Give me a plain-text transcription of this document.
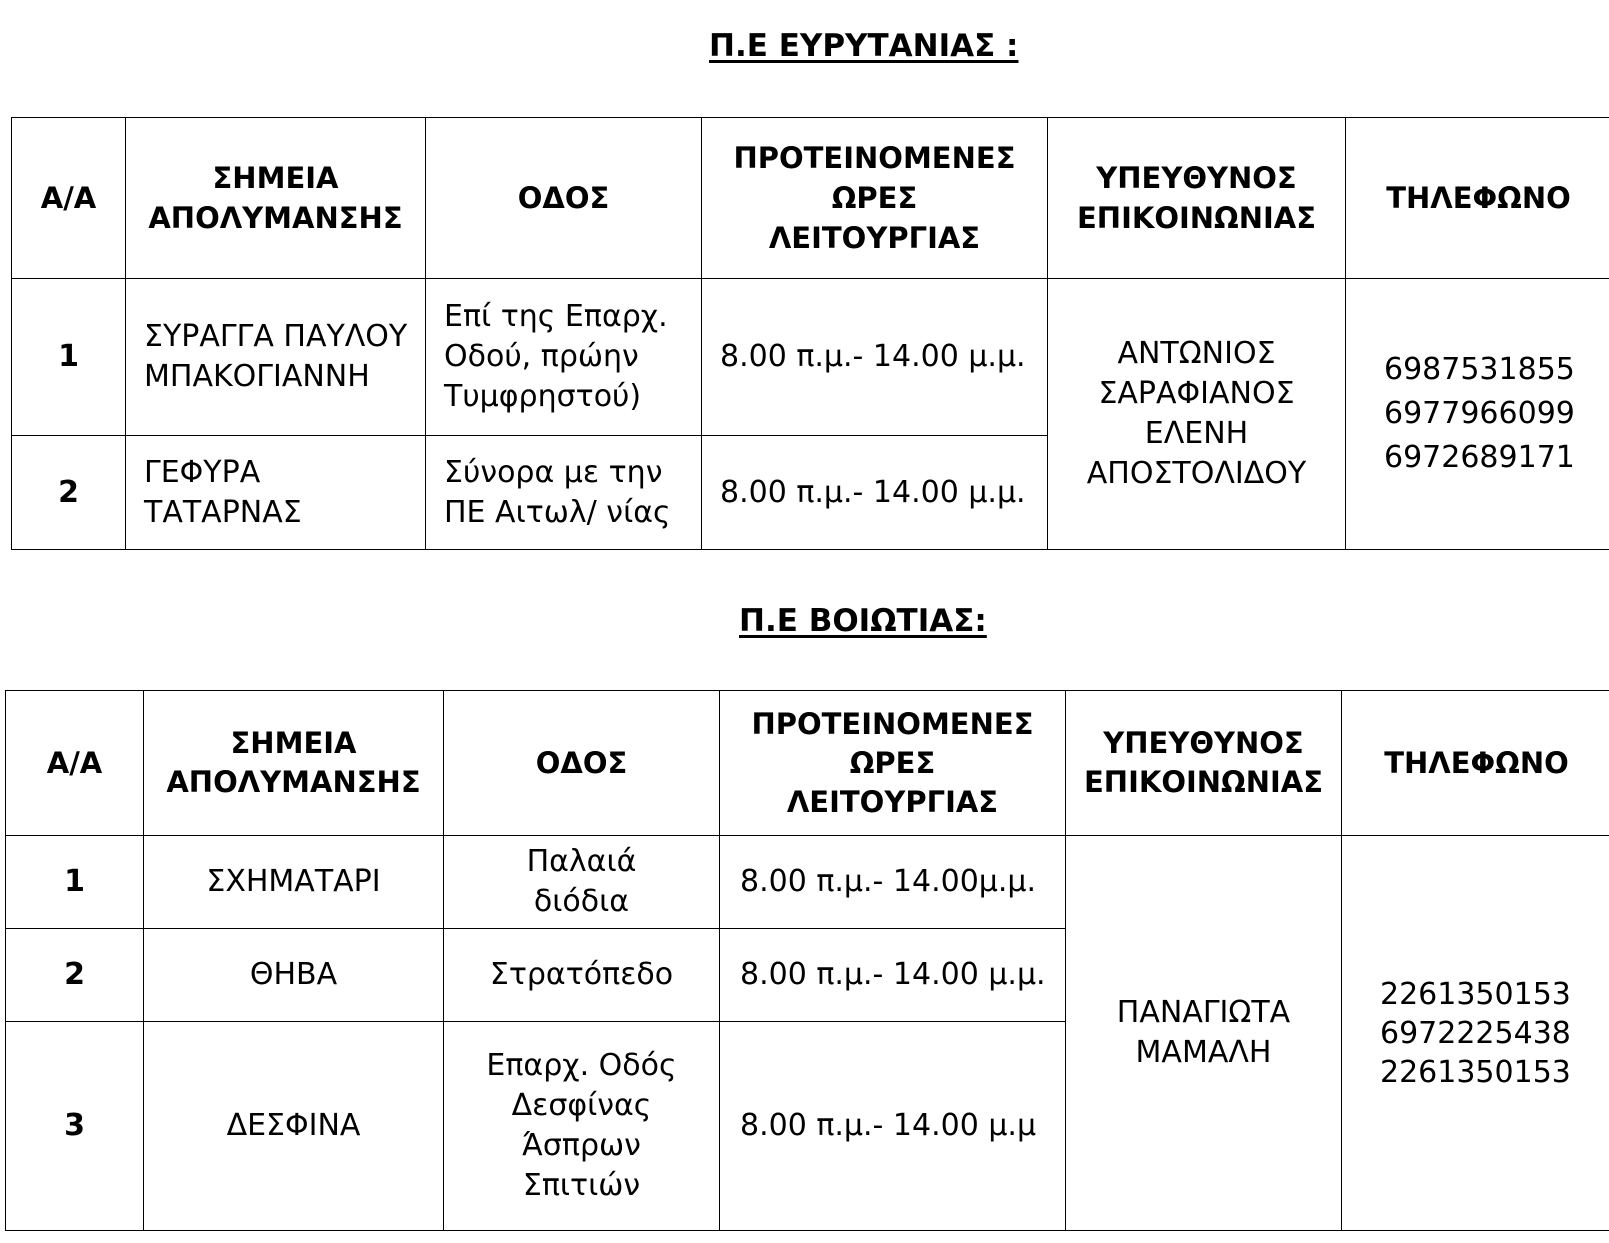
Π.Ε ΕΥΡΥΤΑΝΙΑΣ :
Α/Α	ΣΗΜΕΙΑ
ΑΠΟΛΥΜΑΝΣΗΣ	ΟΔΟΣ	ΠΡΟΤΕΙΝΟΜΕΝΕΣ
ΩΡΕΣ
ΛΕΙΤΟΥΡΓΙΑΣ	ΥΠΕΥΘΥΝΟΣ
ΕΠΙΚΟΙΝΩΝΙΑΣ	ΤΗΛΕΦΩΝΟ
1	ΣΥΡΑΓΓΑ ΠΑΥΛΟΥ
ΜΠΑΚΟΓΙΑΝΝΗ	Επί της Επαρχ.
Οδού, πρώην
Τυμφρηστού)	8.00 π.μ.- 14.00 μ.μ.	ΑΝΤΩΝΙΟΣ
ΣΑΡΑΦΙΑΝΟΣ
ΕΛΕΝΗ
ΑΠΟΣΤΟΛΙΔΟΥ	6987531855
6977966099
6972689171
2	ΓΕΦΥΡΑ
ΤΑΤΑΡΝΑΣ	Σύνορα με την
ΠΕ Αιτωλ/ νίας	8.00 π.μ.- 14.00 μ.μ.		
Π.Ε ΒΟΙΩΤΙΑΣ:
Α/Α	ΣΗΜΕΙΑ
ΑΠΟΛΥΜΑΝΣΗΣ	ΟΔΟΣ	ΠΡΟΤΕΙΝΟΜΕΝΕΣ
ΩΡΕΣ
ΛΕΙΤΟΥΡΓΙΑΣ	ΥΠΕΥΘΥΝΟΣ
ΕΠΙΚΟΙΝΩΝΙΑΣ	ΤΗΛΕΦΩΝΟ
1	ΣΧΗΜΑΤΑΡΙ	Παλαιά
διόδια	8.00 π.μ.- 14.00μ.μ.	ΠΑΝΑΓΙΩΤΑ
ΜΑΜΑΛΗ	2261350153
6972225438
2261350153
2	ΘΗΒΑ	Στρατόπεδο	8.00 π.μ.- 14.00 μ.μ.		
3	ΔΕΣΦΙΝΑ	Επαρχ. Οδός
Δεσφίνας
Άσπρων
Σπιτιών	8.00 π.μ.- 14.00 μ.μ		
